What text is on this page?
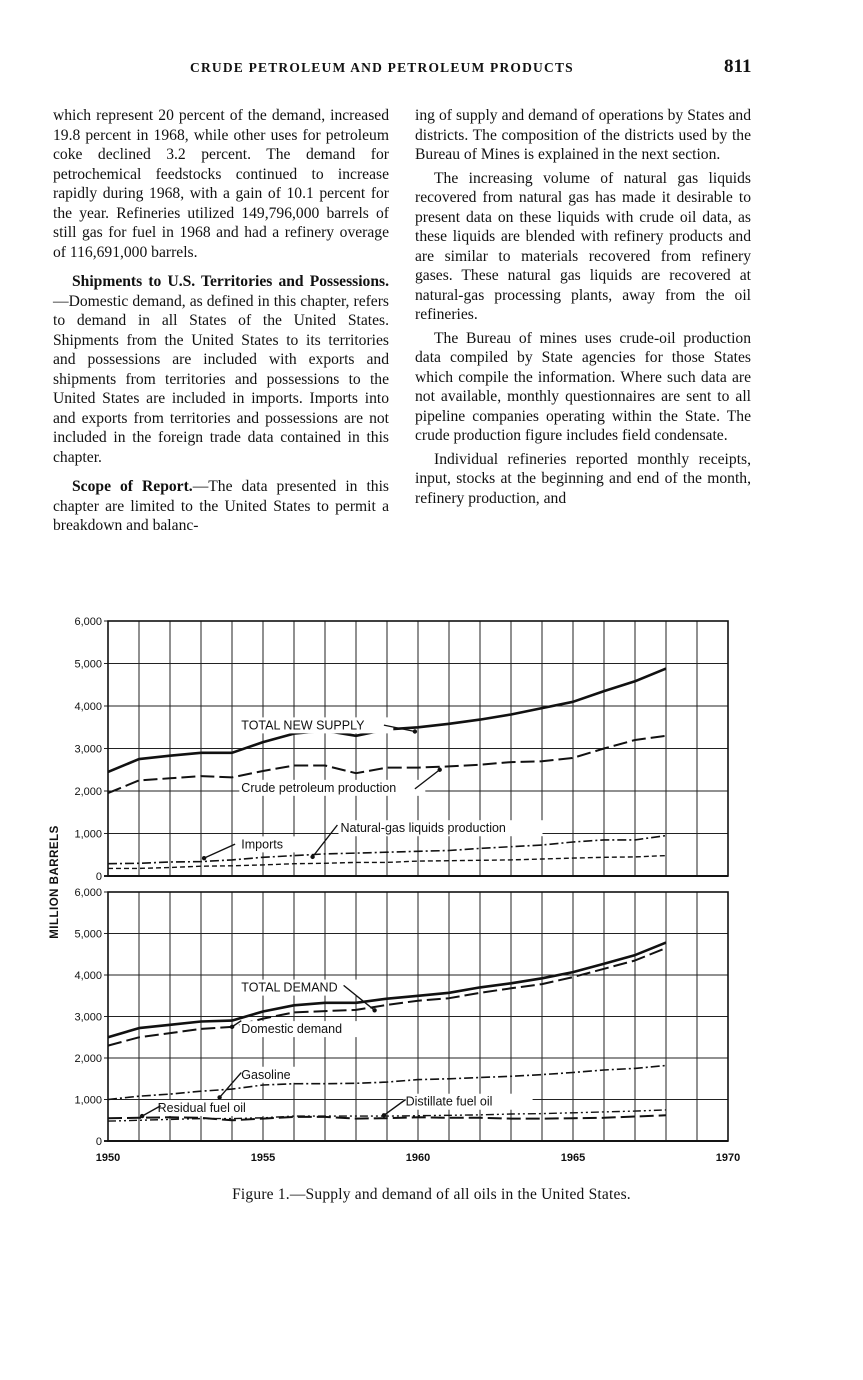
CRUDE PETROLEUM AND PETROLEUM PRODUCTS	811

which represent 20 percent of the demand, increased 19.8 percent in 1968, while other uses for petroleum coke declined 3.2 percent. The demand for petrochemical feedstocks continued to increase rapidly during 1968, with a gain of 10.1 percent for the year. Refineries utilized 149,796,000 barrels of still gas for fuel in 1968 and had a refinery overage of 116,691,000 barrels.

Shipments to U.S. Territories and Possessions.—Domestic demand, as defined in this chapter, refers to demand in all States of the United States. Shipments from the United States to its territories and possessions are included with exports and shipments from territories and possessions to the United States are included in imports. Imports into and exports from territories and possessions are not included in the foreign trade data contained in this chapter.

Scope of Report.—The data presented in this chapter are limited to the United States to permit a breakdown and balanc-

ing of supply and demand of operations by States and districts. The composition of the districts used by the Bureau of Mines is explained in the next section.

The increasing volume of natural gas liquids recovered from natural gas has made it desirable to present data on these liquids with crude oil data, as these liquids are blended with refinery products and are similar to materials recovered from refinery gases. These natural gas liquids are recovered at natural-gas processing plants, away from the oil refineries.

The Bureau of mines uses crude-oil production data compiled by State agencies for those States which compile the information. Where such data are not available, monthly questionnaires are sent to all pipeline companies operating within the State. The crude production figure includes field condensate.

Individual refineries reported monthly receipts, input, stocks at the beginning and end of the month, refinery production, and

0
1,000
2,000
3,000
4,000
5,000
6,000
0
1,000
2,000
3,000
4,000
5,000
6,000
1950	1955	1960	1965	1970
MILLION BARRELS
TOTAL NEW SUPPLY
Crude petroleum production
Imports
Natural-gas liquids production
TOTAL DEMAND
Domestic demand
Gasoline
Residual fuel oil	Distillate fuel oil
Figure 1.—Supply and demand of all oils in the United States.
